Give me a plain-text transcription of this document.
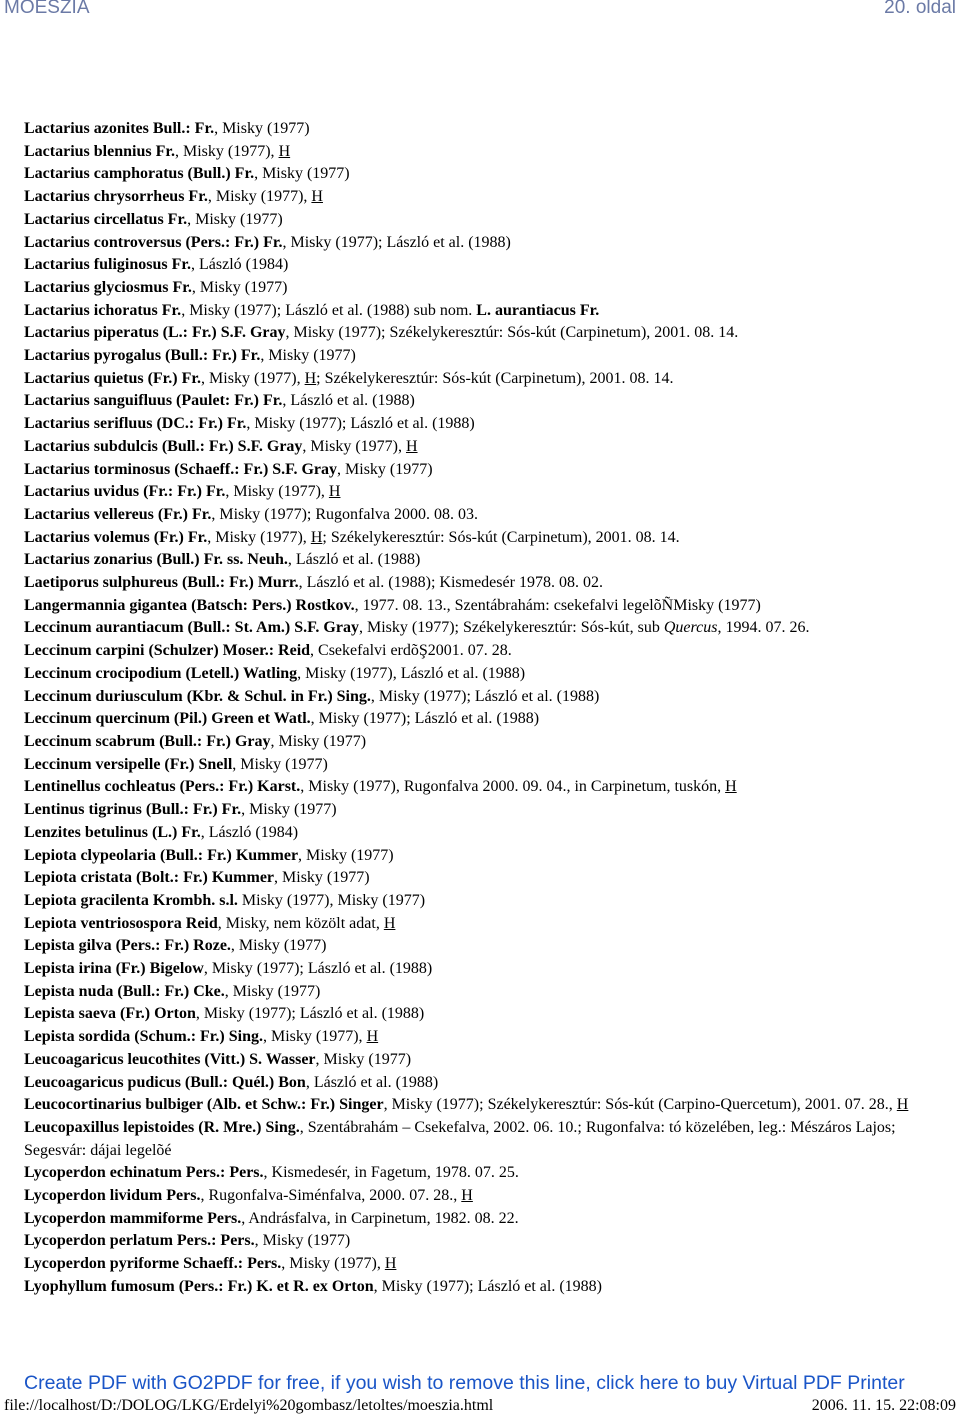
MOESZIA	20. oldal
Lactarius azonites Bull.: Fr., Misky (1977)
Lactarius blennius Fr., Misky (1977), H
Lactarius camphoratus (Bull.) Fr., Misky (1977)
Lactarius chrysorrheus Fr., Misky (1977), H
Lactarius circellatus Fr., Misky (1977)
Lactarius controversus (Pers.: Fr.) Fr., Misky (1977); László et al. (1988)
Lactarius fuliginosus Fr., László (1984)
Lactarius glyciosmus Fr., Misky (1977)
Lactarius ichoratus Fr., Misky (1977); László et al. (1988) sub nom. L. aurantiacus Fr.
Lactarius piperatus (L.: Fr.) S.F. Gray, Misky (1977); Székelykeresztúr: Sós-kút (Carpinetum), 2001. 08. 14.
Lactarius pyrogalus (Bull.: Fr.) Fr., Misky (1977)
Lactarius quietus (Fr.) Fr., Misky (1977), H; Székelykeresztúr: Sós-kút (Carpinetum), 2001. 08. 14.
Lactarius sanguifluus (Paulet: Fr.) Fr., László et al. (1988)
Lactarius serifluus (DC.: Fr.) Fr., Misky (1977); László et al. (1988)
Lactarius subdulcis (Bull.: Fr.) S.F. Gray, Misky (1977), H
Lactarius torminosus (Schaeff.: Fr.) S.F. Gray, Misky (1977)
Lactarius uvidus (Fr.: Fr.) Fr., Misky (1977), H
Lactarius vellereus (Fr.) Fr., Misky (1977); Rugonfalva 2000. 08. 03.
Lactarius volemus (Fr.) Fr., Misky (1977), H; Székelykeresztúr: Sós-kút (Carpinetum), 2001. 08. 14.
Lactarius zonarius (Bull.) Fr. ss. Neuh., László et al. (1988)
Laetiporus sulphureus (Bull.: Fr.) Murr., László et al. (1988); Kismedesér 1978. 08. 02.
Langermannia gigantea (Batsch: Pers.) Rostkov., 1977. 08. 13., Szentábrahám: csekefalvi legelõÑMisky (1977)
Leccinum aurantiacum (Bull.: St. Am.) S.F. Gray, Misky (1977); Székelykeresztúr: Sós-kút, sub Quercus, 1994. 07. 26.
Leccinum carpini (Schulzer) Moser.: Reid, Csekefalvi erdõŞ2001. 07. 28.
Leccinum crocipodium (Letell.) Watling, Misky (1977), László et al. (1988)
Leccinum duriusculum (Kbr. & Schul. in Fr.) Sing., Misky (1977); László et al. (1988)
Leccinum quercinum (Pil.) Green et Watl., Misky (1977); László et al. (1988)
Leccinum scabrum (Bull.: Fr.) Gray, Misky (1977)
Leccinum versipelle (Fr.) Snell, Misky (1977)
Lentinellus cochleatus (Pers.: Fr.) Karst., Misky (1977), Rugonfalva 2000. 09. 04., in Carpinetum, tuskón, H
Lentinus tigrinus (Bull.: Fr.) Fr., Misky (1977)
Lenzites betulinus (L.) Fr., László (1984)
Lepiota clypeolaria (Bull.: Fr.) Kummer, Misky (1977)
Lepiota cristata (Bolt.: Fr.) Kummer, Misky (1977)
Lepiota gracilenta Krombh. s.l. Misky (1977), Misky (1977)
Lepiota ventriosospora Reid, Misky, nem közölt adat, H
Lepista gilva (Pers.: Fr.) Roze., Misky (1977)
Lepista irina (Fr.) Bigelow, Misky (1977); László et al. (1988)
Lepista nuda (Bull.: Fr.) Cke., Misky (1977)
Lepista saeva (Fr.) Orton, Misky (1977); László et al. (1988)
Lepista sordida (Schum.: Fr.) Sing., Misky (1977), H
Leucoagaricus leucothites (Vitt.) S. Wasser, Misky (1977)
Leucoagaricus pudicus (Bull.: Quél.) Bon, László et al. (1988)
Leucocortinarius bulbiger (Alb. et Schw.: Fr.) Singer, Misky (1977); Székelykeresztúr: Sós-kút (Carpino-Quercetum), 2001. 07. 28., H
Leucopaxillus lepistoides (R. Mre.) Sing., Szentábrahám – Csekefalva, 2002. 06. 10.; Rugonfalva: tó közelében, leg.: Mészáros Lajos; Segesvár: dájai legelõé
Lycoperdon echinatum Pers.: Pers., Kismedesér, in Fagetum, 1978. 07. 25.
Lycoperdon lividum Pers., Rugonfalva-Siménfalva, 2000. 07. 28., H
Lycoperdon mammiforme Pers., Andrásfalva, in Carpinetum, 1982. 08. 22.
Lycoperdon perlatum Pers.: Pers., Misky (1977)
Lycoperdon pyriforme Schaeff.: Pers., Misky (1977), H
Lyophyllum fumosum (Pers.: Fr.) K. et R. ex Orton, Misky (1977); László et al. (1988)
Create PDF with GO2PDF for free, if you wish to remove this line, click here to buy Virtual PDF Printer
file://localhost/D:/DOLOG/LKG/Erdelyi%20gombasz/letoltes/moeszia.html	2006. 11. 15. 22:08:09
